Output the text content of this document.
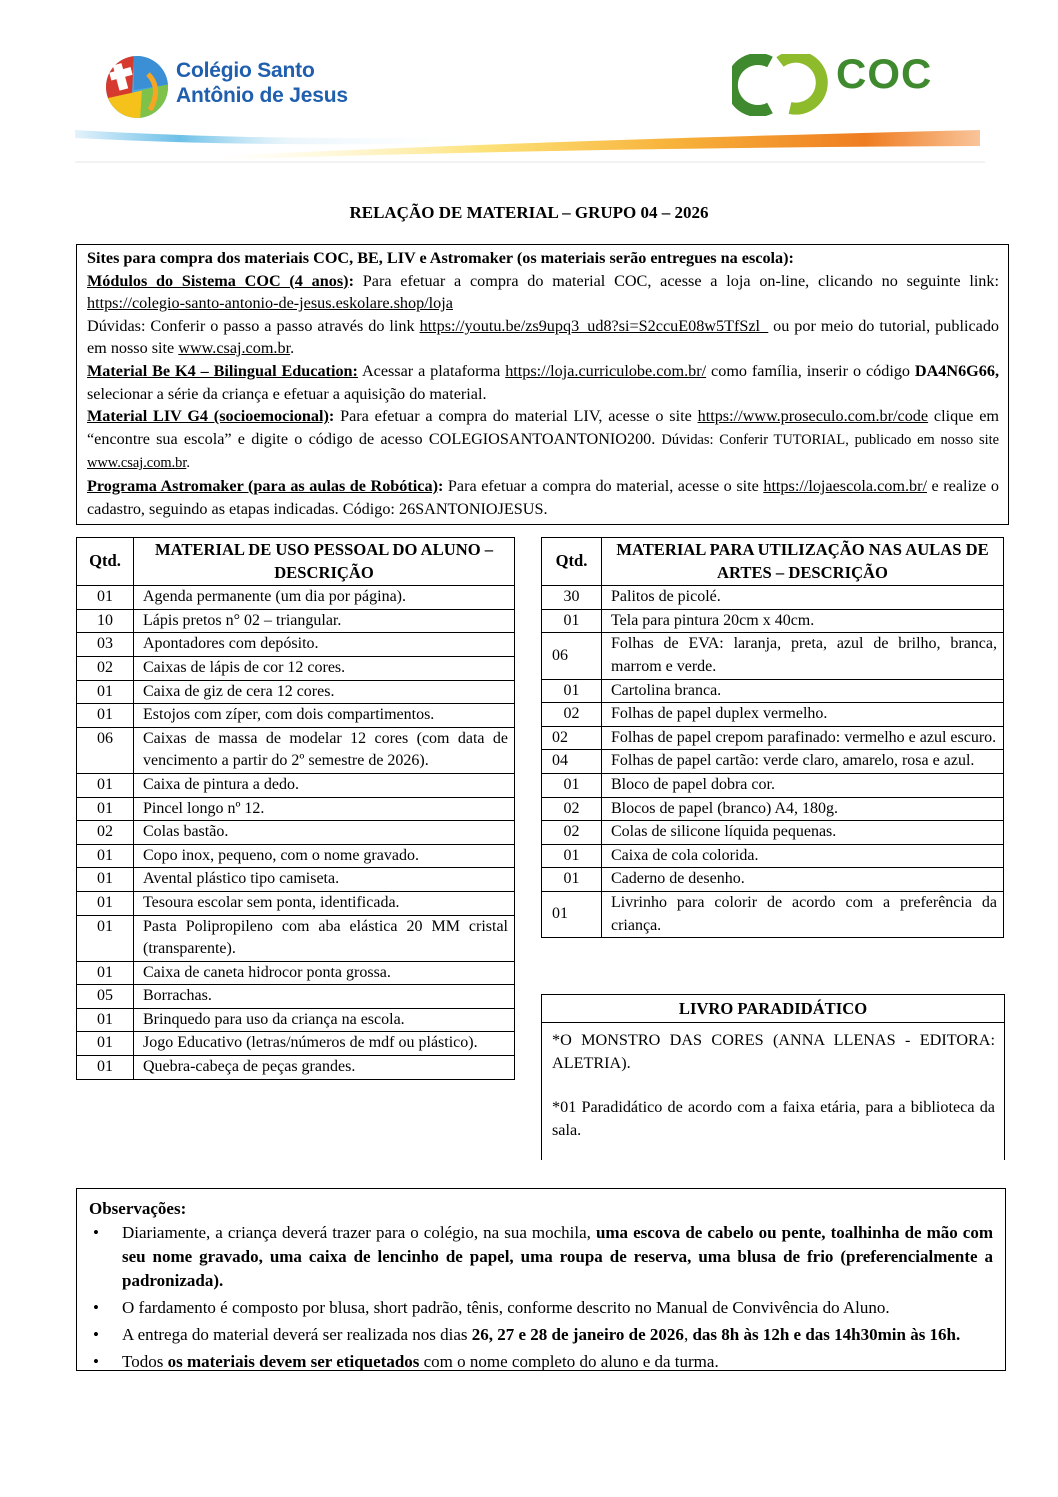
Colégio Santo
Antônio de Jesus	COC
RELAÇÃO DE MATERIAL – GRUPO 04 – 2026

Sites para compra dos materiais COC, BE, LIV e Astromaker (os materiais serão entregues na escola):

Módulos do Sistema COC (4 anos): Para efetuar a compra do material COC, acesse a loja on-line, clicando no seguinte link: https://colegio-santo-antonio-de-jesus.eskolare.shop/loja

Dúvidas: Conferir o passo a passo através do link https://youtu.be/zs9upq3_ud8?si=S2ccuE08w5TfSzl_ ou por meio do tutorial, publicado em nosso site www.csaj.com.br.

Material Be K4 – Bilingual Education: Acessar a plataforma https://loja.curriculobe.com.br/ como família, inserir o código DA4N6G66, selecionar a série da criança e efetuar a aquisição do material.

Material LIV G4 (socioemocional): Para efetuar a compra do material LIV, acesse o site https://www.proseculo.com.br/code clique em “encontre sua escola” e digite o código de acesso COLEGIOSANTOANTONIO200. Dúvidas: Conferir TUTORIAL, publicado em nosso site www.csaj.com.br.

Programa Astromaker (para as aulas de Robótica): Para efetuar a compra do material, acesse o site https://lojaescola.com.br/ e realize o cadastro, seguindo as etapas indicadas. Código: 26SANTONIOJESUS.

Qtd.	MATERIAL DE USO PESSOAL DO ALUNO – DESCRIÇÃO
01	Agenda permanente (um dia por página).
10	Lápis pretos n° 02 – triangular.
03	Apontadores com depósito.
02	Caixas de lápis de cor 12 cores.
01	Caixa de giz de cera 12 cores.
01	Estojos com zíper, com dois compartimentos.
06	Caixas de massa de modelar 12 cores (com data de vencimento a partir do 2º semestre de 2026).
01	Caixa de pintura a dedo.
01	Pincel longo nº 12.
02	Colas bastão.
01	Copo inox, pequeno, com o nome gravado.
01	Avental plástico tipo camiseta.
01	Tesoura escolar sem ponta, identificada.
01	Pasta Polipropileno com aba elástica 20 MM cristal (transparente).
01	Caixa de caneta hidrocor ponta grossa.
05	Borrachas.
01	Brinquedo para uso da criança na escola.
01	Jogo Educativo (letras/números de mdf ou plástico).
01	Quebra-cabeça de peças grandes.
Qtd.	MATERIAL PARA UTILIZAÇÃO NAS AULAS DE ARTES – DESCRIÇÃO
30	Palitos de picolé.
01	Tela para pintura 20cm x 40cm.
06	Folhas de EVA: laranja, preta, azul de brilho, branca, marrom e verde.
01	Cartolina branca.
02	Folhas de papel duplex vermelho.
02	Folhas de papel crepom parafinado: vermelho e azul escuro.
04	Folhas de papel cartão: verde claro, amarelo, rosa e azul.
01	Bloco de papel dobra cor.
02	Blocos de papel (branco) A4, 180g.
02	Colas de silicone líquida pequenas.
01	Caixa de cola colorida.
01	Caderno de desenho.
01	Livrinho para colorir de acordo com a preferência da criança.
LIVRO PARADIDÁTICO

*O MONSTRO DAS CORES (ANNA LLENAS - EDITORA: ALETRIA).

*01 Paradidático de acordo com a faixa etária, para a biblioteca da sala.

Observações:
• Diariamente, a criança deverá trazer para o colégio, na sua mochila, uma escova de cabelo ou pente, toalhinha de mão com seu nome gravado, uma caixa de lencinho de papel, uma roupa de reserva, uma blusa de frio (preferencialmente a padronizada).
• O fardamento é composto por blusa, short padrão, tênis, conforme descrito no Manual de Convivência do Aluno.
• A entrega do material deverá ser realizada nos dias 26, 27 e 28 de janeiro de 2026, das 8h às 12h e das 14h30min às 16h.
• Todos os materiais devem ser etiquetados com o nome completo do aluno e da turma.
